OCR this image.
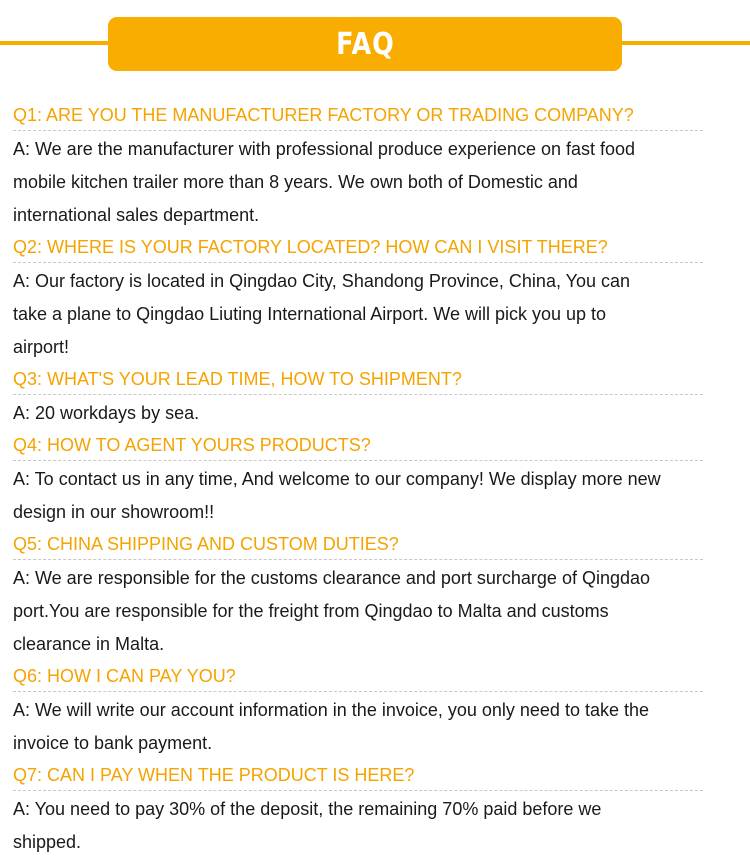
FAQ
Q1: ARE YOU THE MANUFACTURER FACTORY OR TRADING COMPANY?
A: We are the manufacturer with professional produce experience on fast food
mobile kitchen trailer more than 8 years. We own both of Domestic and
international sales department.
Q2: WHERE IS YOUR FACTORY LOCATED? HOW CAN I VISIT THERE?
A: Our factory is located in Qingdao City, Shandong Province, China, You can
take a plane to Qingdao Liuting International Airport. We will pick you up to
airport!
Q3: WHAT'S YOUR LEAD TIME, HOW TO SHIPMENT?
A: 20 workdays by sea.
Q4: HOW TO AGENT YOURS PRODUCTS?
A: To contact us in any time, And welcome to our company! We display more new
design in our showroom!!
Q5: CHINA SHIPPING AND CUSTOM DUTIES?
A: We are responsible for the customs clearance and port surcharge of Qingdao
port.You are responsible for the freight from Qingdao to Malta and customs
clearance in Malta.
Q6: HOW I CAN PAY YOU?
A: We will write our account information in the invoice, you only need to take the
invoice to bank payment.
Q7: CAN I PAY WHEN THE PRODUCT IS HERE?
A: You need to pay 30% of the deposit, the remaining 70% paid before we
shipped.
